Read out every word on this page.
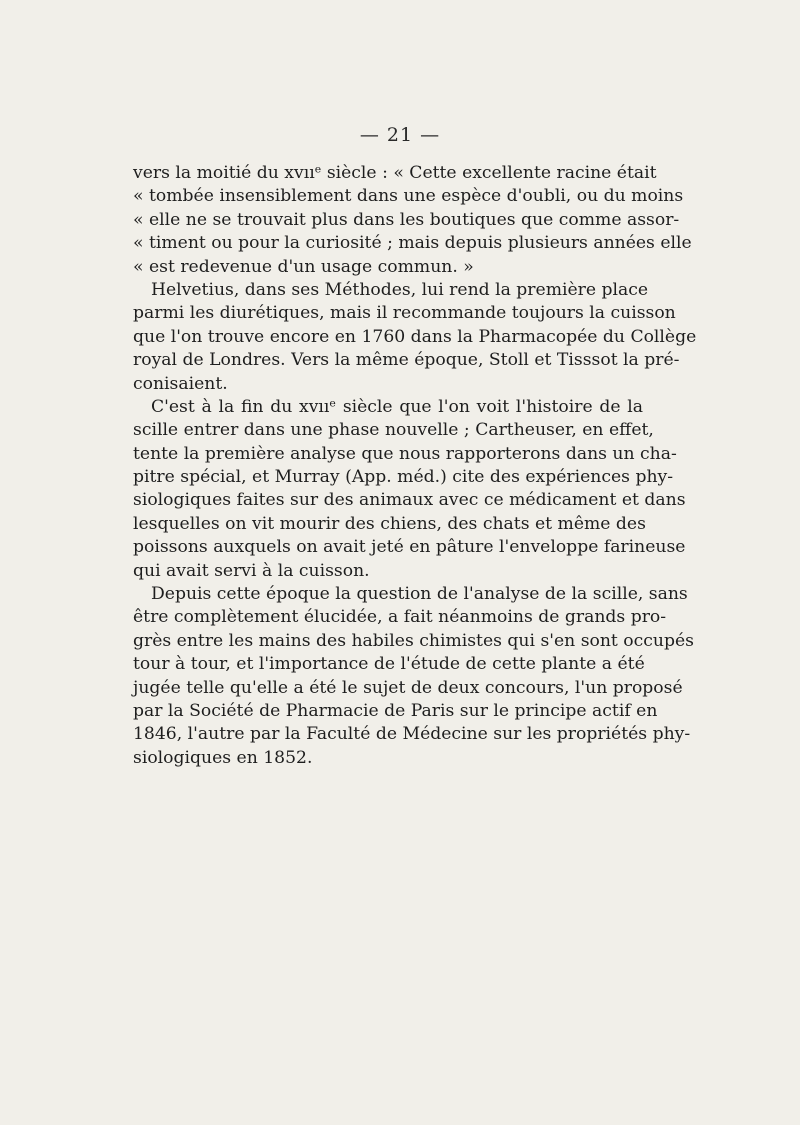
— 21 —
vers la moitié du xvııᵉ siècle : « Cette excellente racine était
« tombée insensiblement dans une espèce d'oubli, ou du moins
« elle ne se trouvait plus dans les boutiques que comme assor-
« timent ou pour la curiosité ; mais depuis plusieurs années elle
« est redevenue d'un usage commun. »
Helvetius, dans ses Méthodes, lui rend la première place
parmi les diurétiques, mais il recommande toujours la cuisson
que l'on trouve encore en 1760 dans la Pharmacopée du Collège
royal de Londres. Vers la même époque, Stoll et Tisssot la pré-
conisaient.
C'est à la fin du xvııᵉ siècle que l'on voit l'histoire de la
scille entrer dans une phase nouvelle ; Cartheuser, en effet,
tente la première analyse que nous rapporterons dans un cha-
pitre spécial, et Murray (App. méd.) cite des expériences phy-
siologiques faites sur des animaux avec ce médicament et dans
lesquelles on vit mourir des chiens, des chats et même des
poissons auxquels on avait jeté en pâture l'enveloppe farineuse
qui avait servi à la cuisson.
Depuis cette époque la question de l'analyse de la scille, sans
être complètement élucidée, a fait néanmoins de grands pro-
grès entre les mains des habiles chimistes qui s'en sont occupés
tour à tour, et l'importance de l'étude de cette plante a été
jugée telle qu'elle a été le sujet de deux concours, l'un proposé
par la Société de Pharmacie de Paris sur le principe actif en
1846, l'autre par la Faculté de Médecine sur les propriétés phy-
siologiques en 1852.
